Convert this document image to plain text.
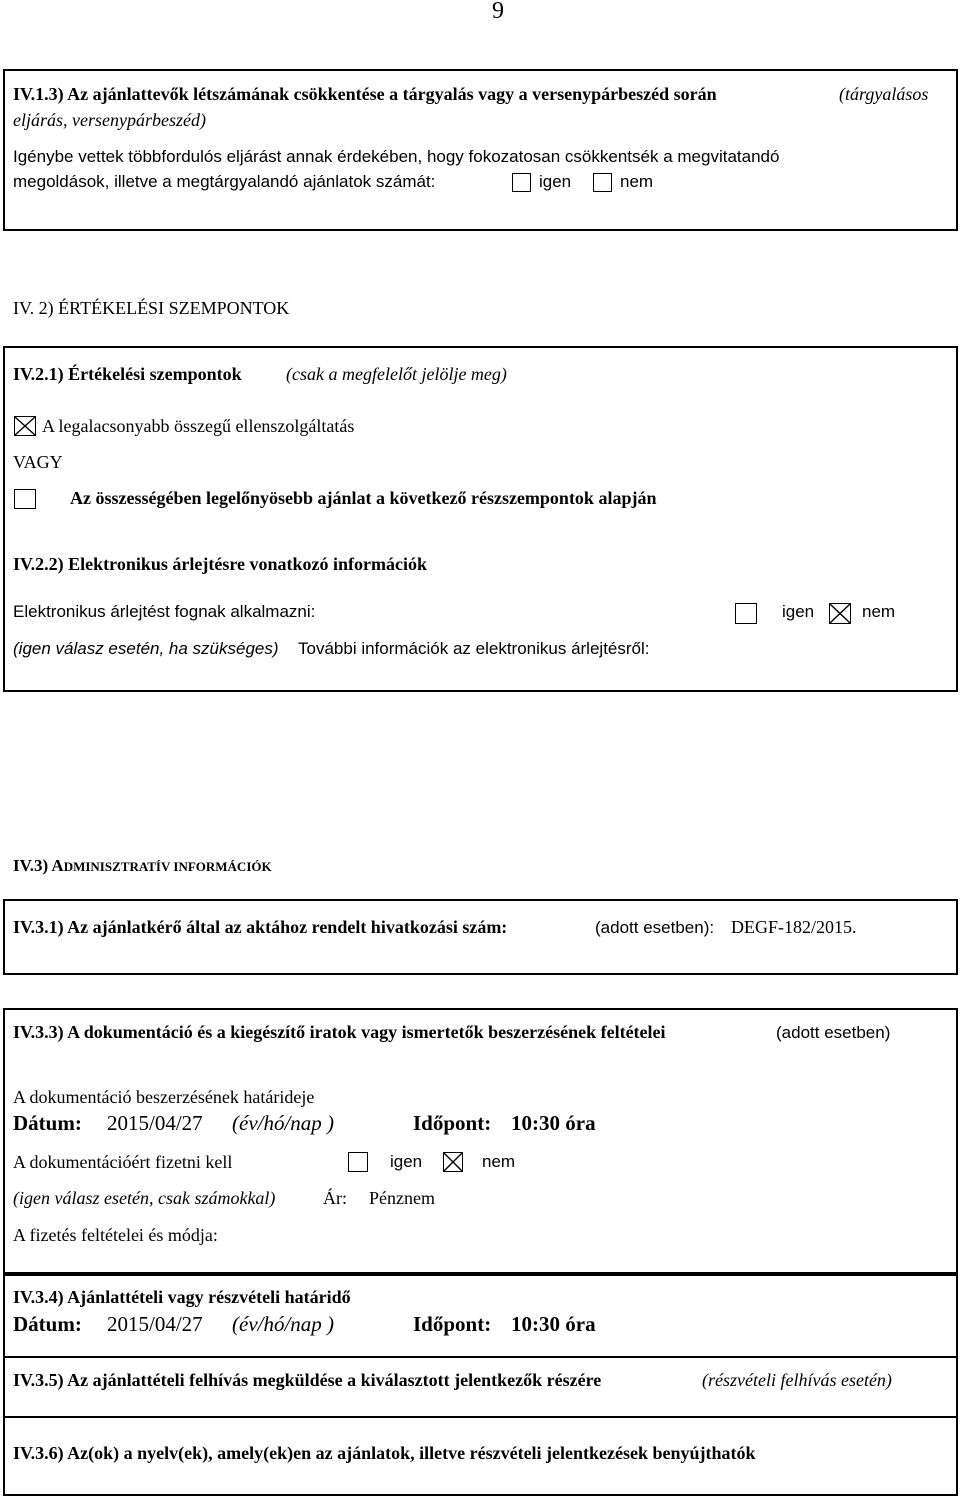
9
IV.1.3) Az ajánlattevők létszámának csökkentése a tárgyalás vagy a versenypárbeszéd során	(tárgyalásos
eljárás, versenypárbeszéd)
Igénybe vettek többfordulós eljárást annak érdekében, hogy fokozatosan csökkentsék a megvitatandó
megoldások, illetve a megtárgyalandó ajánlatok számát:	igen	nem
IV. 2) ÉRTÉKELÉSI SZEMPONTOK
IV.2.1) Értékelési szempontok (csak a megfelelőt jelölje meg)
A legalacsonyabb összegű ellenszolgáltatás
VAGY
Az összességében legelőnyösebb ajánlat a következő részszempontok alapján
IV.2.2) Elektronikus árlejtésre vonatkozó információk
Elektronikus árlejtést fognak alkalmazni:	igen	nem
(igen válasz esetén, ha szükséges) További információk az elektronikus árlejtésről:
IV.3) ADMINISZTRATÍV INFORMÁCIÓK
IV.3.1) Az ajánlatkérő által az aktához rendelt hivatkozási szám:	(adott esetben): DEGF-182/2015.
IV.3.3) A dokumentáció és a kiegészítő iratok vagy ismertetők beszerzésének feltételei	(adott esetben)
A dokumentáció beszerzésének határideje
Dátum: 2015/04/27 (év/hó/nap )	Időpont: 10:30 óra
A dokumentációért fizetni kell	igen	nem
(igen válasz esetén, csak számokkal)	Ár: Pénznem
A fizetés feltételei és módja:
IV.3.4) Ajánlattételi vagy részvételi határidő
Dátum: 2015/04/27 (év/hó/nap )	Időpont: 10:30 óra
IV.3.5) Az ajánlattételi felhívás megküldése a kiválasztott jelentkezők részére	(részvételi felhívás esetén)
IV.3.6) Az(ok) a nyelv(ek), amely(ek)en az ajánlatok, illetve részvételi jelentkezések benyújthatók
